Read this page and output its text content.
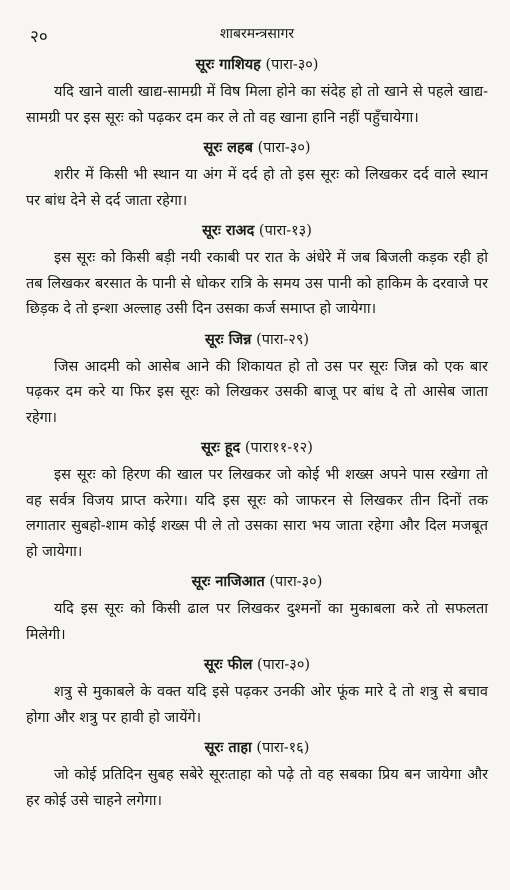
२०	शाबरमन्त्रसागर
सूरः गाशियह (पारा-३०)

यदि खाने वाली खाद्य-सामग्री में विष मिला होने का संदेह हो तो खाने से पहले खाद्य-सामग्री पर इस सूरः को पढ़कर दम कर ले तो वह खाना हानि नहीं पहुँचायेगा।

सूरः लहब (पारा-३०)

शरीर में किसी भी स्थान या अंग में दर्द हो तो इस सूरः को लिखकर दर्द वाले स्थान पर बांध देने से दर्द जाता रहेगा।

सूरः राअद (पारा-१३)

इस सूरः को किसी बड़ी नयी रकाबी पर रात के अंधेरे में जब बिजली कड़क रही हो तब लिखकर बरसात के पानी से धोकर रात्रि के समय उस पानी को हाकिम के दरवाजे पर छिड़क दे तो इन्शा अल्लाह उसी दिन उसका कर्ज समाप्त हो जायेगा।

सूरः जिन्न (पारा-२९)

जिस आदमी को आसेब आने की शिकायत हो तो उस पर सूरः जिन्न को एक बार पढ़कर दम करे या फिर इस सूरः को लिखकर उसकी बाजू पर बांध दे तो आसेब जाता रहेगा।

सूरः हूद (पारा११-१२)

इस सूरः को हिरण की खाल पर लिखकर जो कोई भी शख्स अपने पास रखेगा तो वह सर्वत्र विजय प्राप्त करेगा। यदि इस सूरः को जाफरन से लिखकर तीन दिनों तक लगातार सुबहो-शाम कोई शख्स पी ले तो उसका सारा भय जाता रहेगा और दिल मजबूत हो जायेगा।

सूरः नाजिआत (पारा-३०)

यदि इस सूरः को किसी ढाल पर लिखकर दुश्मनों का मुकाबला करे तो सफलता मिलेगी।

सूरः फील (पारा-३०)

शत्रु से मुकाबले के वक्त यदि इसे पढ़कर उनकी ओर फूंक मारे दे तो शत्रु से बचाव होगा और शत्रु पर हावी हो जायेंगे।

सूरः ताहा (पारा-१६)

जो कोई प्रतिदिन सुबह सबेरे सूरःताहा को पढ़े तो वह सबका प्रिय बन जायेगा और हर कोई उसे चाहने लगेगा।
